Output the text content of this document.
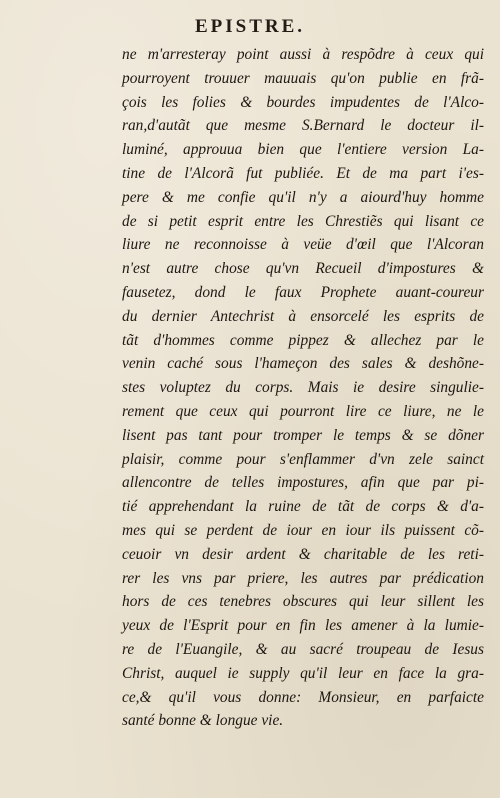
EPISTRE.
ne m'arresteray point aussi à respõdre à ceux qui
pourroyent trouuer mauuais qu'on publie en frã-
çois les folies & bourdes impudentes de l'Alco-
ran,d'autãt que mesme S.Bernard le docteur il-
luminé, approuua bien que l'entiere version La-
tine de l'Alcorã fut publiée. Et de ma part i'es-
pere & me confie qu'il n'y a aiourd'huy homme
de si petit esprit entre les Chrestiẽs qui lisant ce
liure ne reconnoisse à veüe d'œil que l'Alcoran
n'est autre chose qu'vn Recueil d'impostures &
fausetez, dond le faux Prophete auant-coureur
du dernier Antechrist à ensorcelé les esprits de
tãt d'hommes comme pippez & allechez par le
venin caché sous l'hameçon des sales & deshõne-
stes voluptez du corps. Mais ie desire singulie-
rement que ceux qui pourront lire ce liure, ne le
lisent pas tant pour tromper le temps & se dõner
plaisir, comme pour s'enflammer d'vn zele sainct
allencontre de telles impostures, afin que par pi-
tié apprehendant la ruine de tãt de corps & d'a-
mes qui se perdent de iour en iour ils puissent cõ-
ceuoir vn desir ardent & charitable de les reti-
rer les vns par priere, les autres par prédication
hors de ces tenebres obscures qui leur sillent les
yeux de l'Esprit pour en fin les amener à la lumie-
re de l'Euangile, & au sacré troupeau de Iesus
Christ, auquel ie supply qu'il leur en face la gra-
ce,& qu'il vous donne: Monsieur, en parfaicte
santé bonne & longue vie.
